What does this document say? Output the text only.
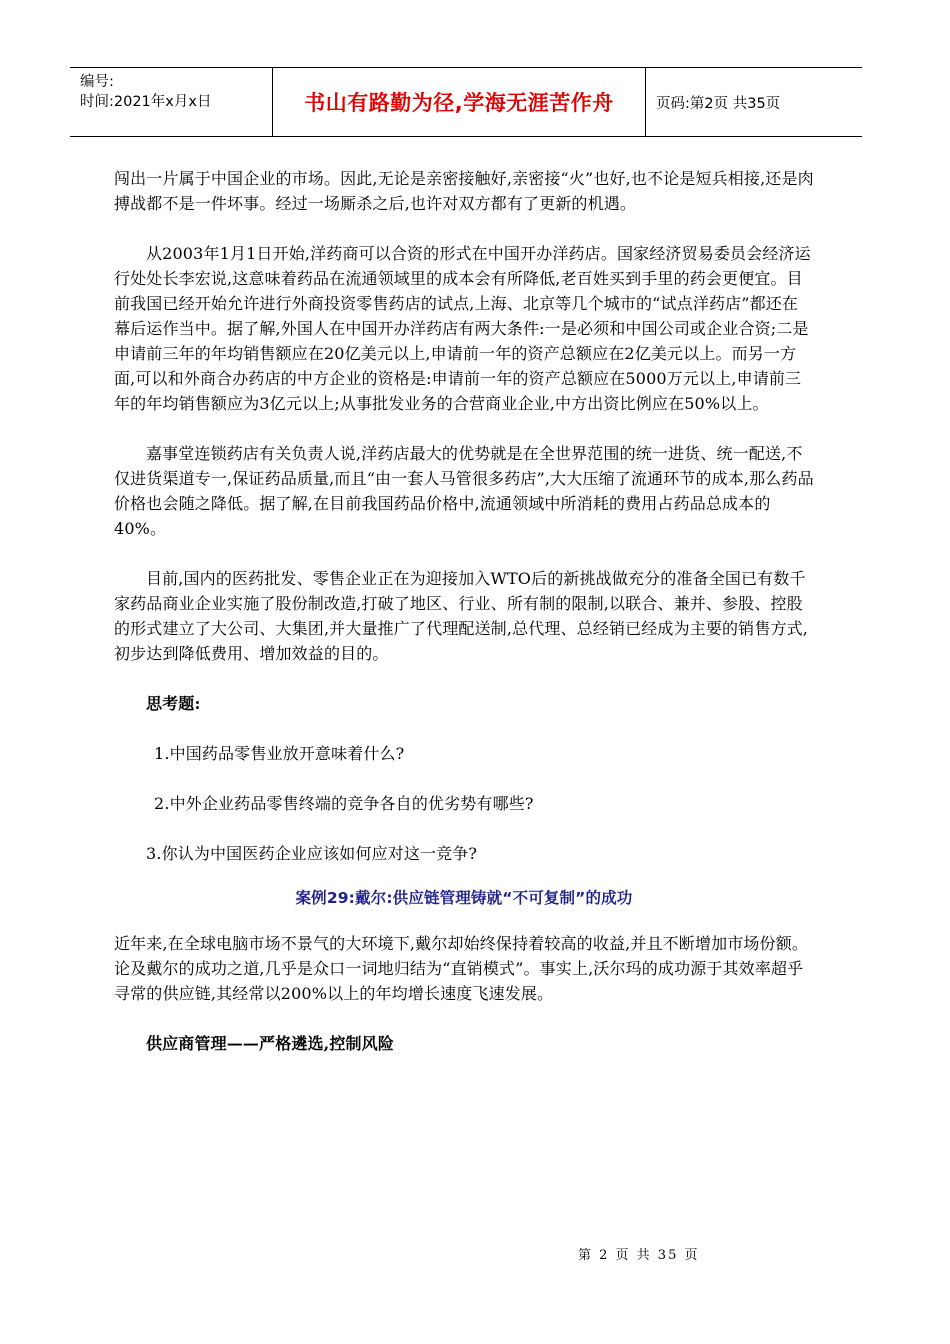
编号:
时间:2021年x月x日	书山有路勤为径,学海无涯苦作舟	页码:第2页 共35页

闯出一片属于中国企业的市场。因此,无论是亲密接触好,亲密接“火”也好,也不论是短兵相接,还是肉搏战都不是一件坏事。经过一场厮杀之后,也许对双方都有了更新的机遇。

从2003年1月1日开始,洋药商可以合资的形式在中国开办洋药店。国家经济贸易委员会经济运行处处长李宏说,这意味着药品在流通领域里的成本会有所降低,老百姓买到手里的药会更便宜。目前我国已经开始允许进行外商投资零售药店的试点,上海、北京等几个城市的“试点洋药店”都还在幕后运作当中。据了解,外国人在中国开办洋药店有两大条件:一是必须和中国公司或企业合资;二是申请前三年的年均销售额应在20亿美元以上,申请前一年的资产总额应在2亿美元以上。而另一方面,可以和外商合办药店的中方企业的资格是:申请前一年的资产总额应在5000万元以上,申请前三年的年均销售额应为3亿元以上;从事批发业务的合营商业企业,中方出资比例应在50%以上。

嘉事堂连锁药店有关负责人说,洋药店最大的优势就是在全世界范围的统一进货、统一配送,不仅进货渠道专一,保证药品质量,而且“由一套人马管很多药店”,大大压缩了流通环节的成本,那么药品价格也会随之降低。据了解,在目前我国药品价格中,流通领域中所消耗的费用占药品总成本的40%。

目前,国内的医药批发、零售企业正在为迎接加入WTO后的新挑战做充分的准备全国已有数千家药品商业企业实施了股份制改造,打破了地区、行业、所有制的限制,以联合、兼并、参股、控股的形式建立了大公司、大集团,并大量推广了代理配送制,总代理、总经销已经成为主要的销售方式,初步达到降低费用、增加效益的目的。

思考题:

1.中国药品零售业放开意味着什么?

2.中外企业药品零售终端的竞争各自的优劣势有哪些?

3.你认为中国医药企业应该如何应对这一竞争?

案例29:戴尔:供应链管理铸就“不可复制”的成功

近年来,在全球电脑市场不景气的大环境下,戴尔却始终保持着较高的收益,并且不断增加市场份额。论及戴尔的成功之道,几乎是众口一词地归结为“直销模式”。事实上,沃尔玛的成功源于其效率超乎寻常的供应链,其经常以200%以上的年均增长速度飞速发展。

供应商管理——严格遴选,控制风险

第 2 页 共 35 页
